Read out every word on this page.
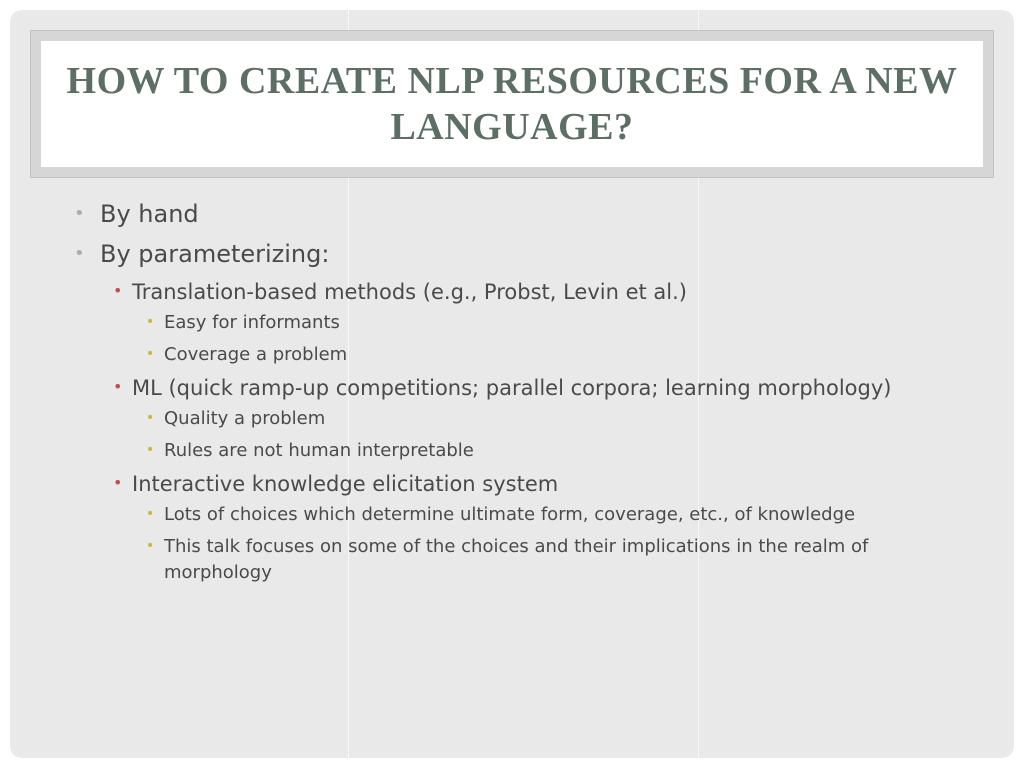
HOW TO CREATE NLP RESOURCES FOR A NEW LANGUAGE?
• By hand
• By parameterizing:
• Translation-based methods (e.g., Probst, Levin et al.)
• Easy for informants
• Coverage a problem
• ML (quick ramp-up competitions; parallel corpora; learning morphology)
• Quality a problem
• Rules are not human interpretable
• Interactive knowledge elicitation system
• Lots of choices which determine ultimate form, coverage, etc., of knowledge
• This talk focuses on some of the choices and their implications in the realm of morphology
